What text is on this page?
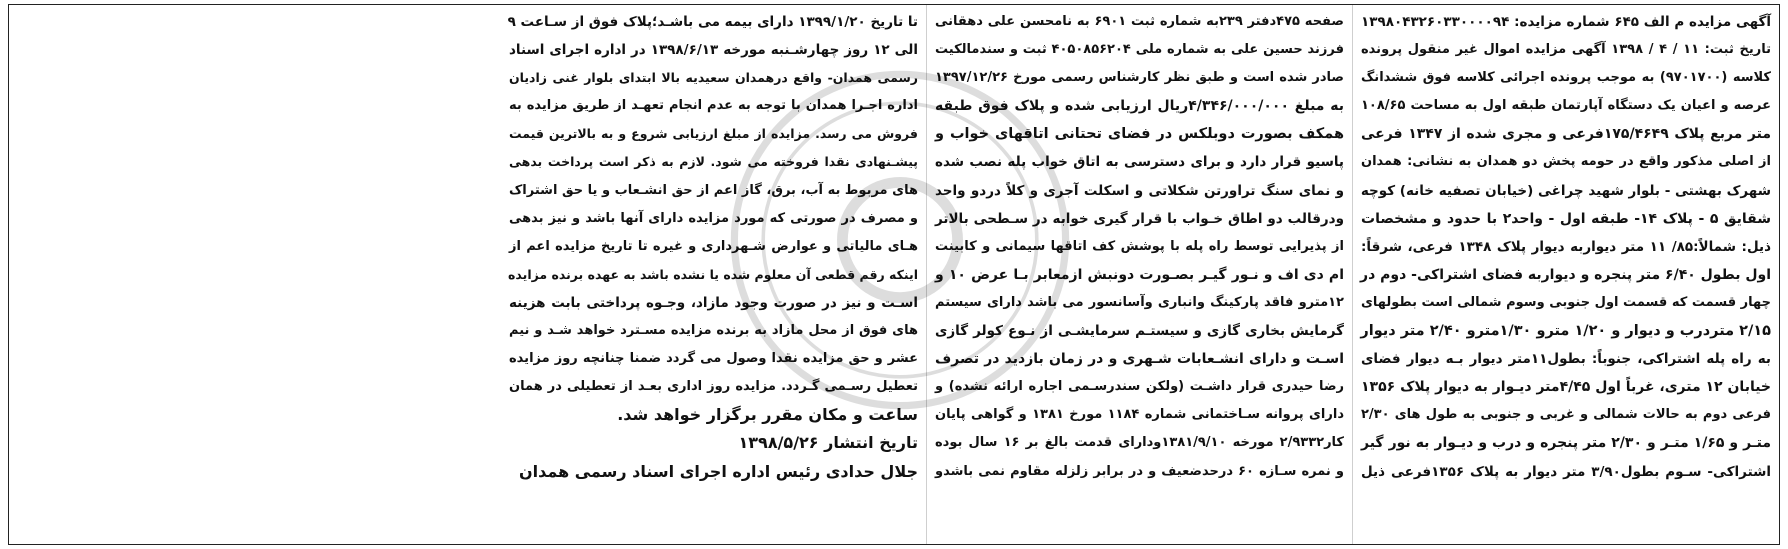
آگهی مزایده م الف ۶۴۵ شماره مزایده: ۱۳۹۸۰۴۳۲۶۰۳۳۰۰۰۰۹۴
تاریخ ثبت: ۱۱ / ۴ / ۱۳۹۸ آگهی مزایده اموال غیر منقول پرونده
کلاسه (۹۷۰۱۷۰۰) به موجب پرونده اجرائی کلاسه فوق ششدانگ
عرصه و اعیان یک دستگاه آپارتمان طبقه اول به مساحت ۱۰۸/۶۵
متر مربع پلاک ۱۷۵/۴۶۴۹فرعی و مجری شده از ۱۳۴۷ فرعی
از اصلی مذکور واقع در حومه پخش دو همدان به نشانی: همدان
شهرک بهشتی - بلوار شهید چراغی (خیابان تصفیه خانه) کوچه
شقایق ۵ - پلاک ۱۴- طبقه اول - واحد۲ با حدود و مشخصات
ذیل: شمالاً:۸۵/ ۱۱ متر دیواربه دیوار پلاک ۱۳۴۸ فرعی، شرقاً:
اول بطول ۶/۴۰ متر پنجره و دیواربه فضای اشتراکی- دوم در
چهار قسمت که قسمت اول جنوبی وسوم شمالی است بطولهای
۲/۱۵ متردرب و دیوار و ۱/۲۰ مترو ۱/۳۰مترو ۲/۴۰ متر دیوار
به راه پله اشتراکی، جنوباً: بطول۱۱متر دیوار بـه دیوار فضای
خیابان ۱۲ متری، غرباً اول ۴/۴۵متر دیـوار به دیوار پلاک ۱۳۵۶
فرعی دوم به حالات شمالی و غربی و جنوبی به طول های ۲/۳۰
متـر و ۱/۶۵ متـر و ۲/۳۰ متر پنجره و درب و دیـوار به نور گیر
اشتراکی- سـوم بطول۳/۹۰ متر دیوار به پلاک ۱۳۵۶فرعی ذیل
صفحه ۴۷۵دفتر ۲۳۹به شماره ثبت ۶۹۰۱ به نامحسن علی دهقانی
فرزند حسین علی به شماره ملی ۴۰۵۰۸۵۶۲۰۴ ثبت و سندمالکیت
صادر شده است و طبق نظر کارشناس رسمی مورخ ۱۳۹۷/۱۲/۲۶
به مبلغ ۴/۳۴۶/۰۰۰/۰۰۰ریال ارزیابی شده و پلاک فوق طبقه
همکف بصورت دوبلکس در فضای تحتانی اتاقهای خواب و
پاسیو قرار دارد و برای دسترسی به اتاق خواب پله نصب شده
و نمای سنگ تراورتن شکلاتی و اسکلت آجری و کلاً دردو واحد
ودرقالب دو اطاق خـواب با قرار گیری خوابه در سـطحی بالاتر
از پذیرایی توسط راه پله با پوشش کف اتاقها سیمانی و کابینت
ام دی اف و نـور گیـر بصـورت دونبش ازمعابر بـا عرض ۱۰ و
۱۲مترو فاقد پارکینگ وانباری وآسانسور می باشد دارای سیستم
گرمایش بخاری گازی و سیستـم سرمایشـی از نـوع کولر گازی
اسـت و دارای انشـعابات شـهری و در زمان بازدید در تصرف
رضا حیدری قرار داشـت (ولکن سندرسـمی اجاره ارائه نشده) و
دارای پروانه سـاختمانی شماره ۱۱۸۴ مورخ ۱۳۸۱ و گواهی پایان
کار۲/۹۳۳۲ مورخه ۱۳۸۱/۹/۱۰ودارای قدمت بالغ بر ۱۶ سال بوده
و نمره سـازه ۶۰ درحدضعیف و در برابر زلزله مقاوم نمی باشدو
تا تاریخ ۱۳۹۹/۱/۲۰ دارای بیمه می باشـد؛پلاک فوق از سـاعت ۹
الی ۱۲ روز چهارشـنبه مورخه ۱۳۹۸/۶/۱۳ در اداره اجرای اسناد
رسمی همدان- واقع درهمدان سعیدیه بالا ابتدای بلوار غنی زادیان
اداره اجـرا همدان با توجه به عدم انجام تعهـد از طریق مزایده به
فروش می رسد. مزایده از مبلغ ارزیابی شروع و به بالاترین قیمت
پیشـنهادی نقدا فروخته می شود. لازم به ذکر است پرداخت بدهی
های مربوط به آب، برق، گاز اعم از حق انشـعاب و یا حق اشتراک
و مصرف در صورتی که مورد مزایده دارای آنها باشد و نیز بدهی
هـای مالیاتی و عوارض شـهرداری و غیره تا تاریخ مزایده اعم از
اینکه رقم قطعی آن معلوم شده یا نشده باشد به عهده برنده مزایده
اسـت و نیز در صورت وجود مازاد، وجـوه پرداختی بابت هزینه
های فوق از محل مازاد به برنده مزایده مسـترد خواهد شـد و نیم
عشر و حق مزایده نقدا وصول می گردد ضمنا چنانچه روز مزایده
تعطیل رسـمی گـردد. مزایده روز اداری بعـد از تعطیلی در همان
ساعت و مکان مقرر برگزار خواهد شد.
تاریخ انتشار ۱۳۹۸/۵/۲۶
جلال حدادی رئیس اداره اجرای اسناد رسمی همدان
